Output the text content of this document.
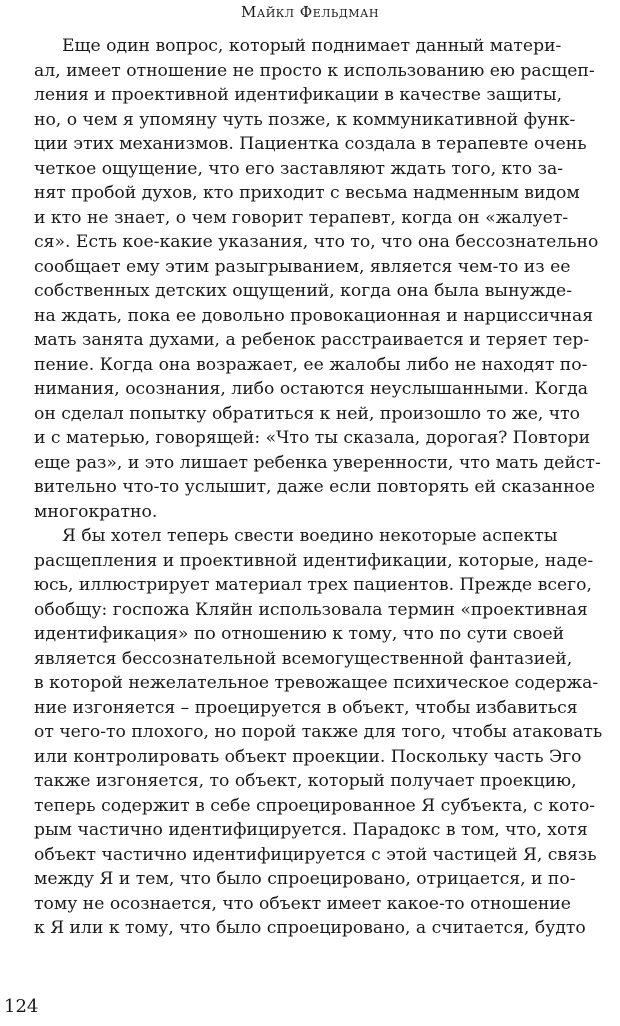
Майкл Фельдман
Еще один вопрос, который поднимает данный матери-
ал, имеет отношение не просто к использованию ею расщеп-
ления и проективной идентификации в качестве защиты,
но, о чем я упомяну чуть позже, к коммуникативной функ-
ции этих механизмов. Пациентка создала в терапевте очень
четкое ощущение, что его заставляют ждать того, кто за-
нят пробой духов, кто приходит с весьма надменным видом
и кто не знает, о чем говорит терапевт, когда он «жалует-
ся». Есть кое-какие указания, что то, что она бессознательно
сообщает ему этим разыгрыванием, является чем-то из ее
собственных детских ощущений, когда она была вынужде-
на ждать, пока ее довольно провокационная и нарциссичная
мать занята духами, а ребенок расстраивается и теряет тер-
пение. Когда она возражает, ее жалобы либо не находят по-
нимания, осознания, либо остаются неуслышанными. Когда
он сделал попытку обратиться к ней, произошло то же, что
и с матерью, говорящей: «Что ты сказала, дорогая? Повтори
еще раз», и это лишает ребенка уверенности, что мать дейст-
вительно что-то услышит, даже если повторять ей сказанное
многократно.
Я бы хотел теперь свести воедино некоторые аспекты
расщепления и проективной идентификации, которые, наде-
юсь, иллюстрирует материал трех пациентов. Прежде всего,
обобщу: госпожа Кляйн использовала термин «проективная
идентификация» по отношению к тому, что по сути своей
является бессознательной всемогущественной фантазией,
в которой нежелательное тревожащее психическое содержа-
ние изгоняется – проецируется в объект, чтобы избавиться
от чего-то плохого, но порой также для того, чтобы атаковать
или контролировать объект проекции. Поскольку часть Эго
также изгоняется, то объект, который получает проекцию,
теперь содержит в себе спроецированное Я субъекта, с кото-
рым частично идентифицируется. Парадокс в том, что, хотя
объект частично идентифицируется с этой частицей Я, связь
между Я и тем, что было спроецировано, отрицается, и по-
тому не осознается, что объект имеет какое-то отношение
к Я или к тому, что было спроецировано, а считается, будто
124
